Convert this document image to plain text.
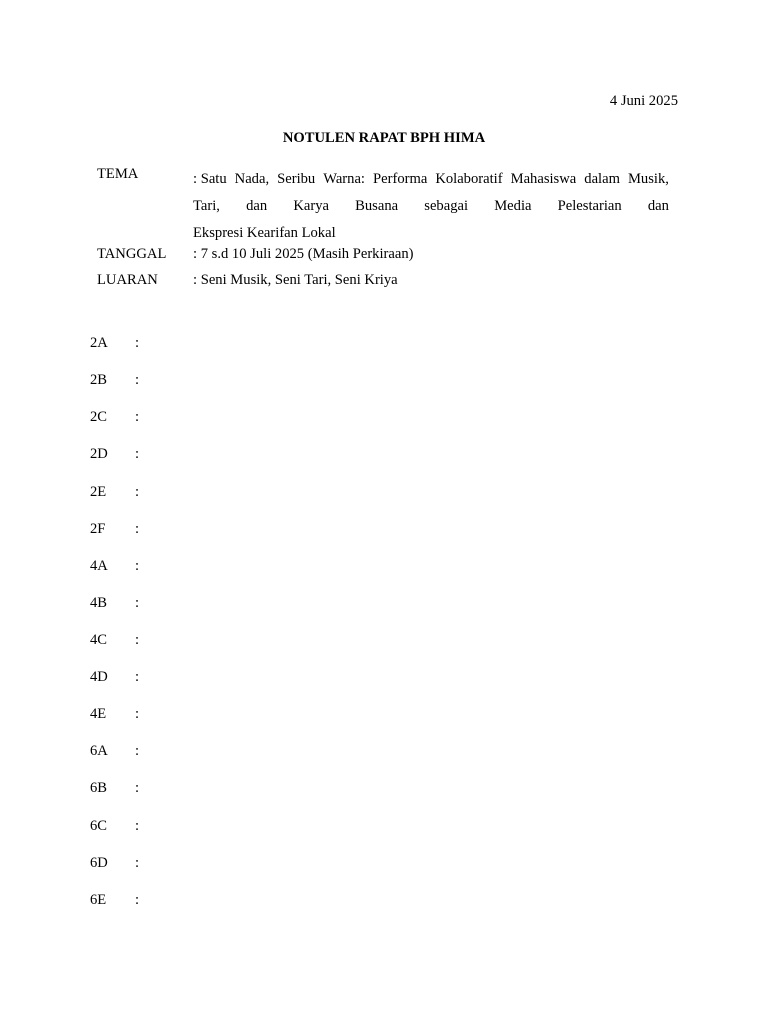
4 Juni 2025

NOTULEN RAPAT BPH HIMA

TEMA	: Satu Nada, Seribu Warna: Performa Kolaboratif Mahasiswa dalam Musik,
Tari, dan Karya Busana sebagai Media Pelestarian dan
Ekspresi Kearifan Lokal
TANGGAL : 7 s.d 10 Juli 2025 (Masih Perkiraan)
LUARAN : Seni Musik, Seni Tari, Seni Kriya
2A :
2B :
2C :
2D :
2E :
2F :
4A :
4B :
4C :
4D :
4E :
6A :
6B :
6C :
6D :
6E :
